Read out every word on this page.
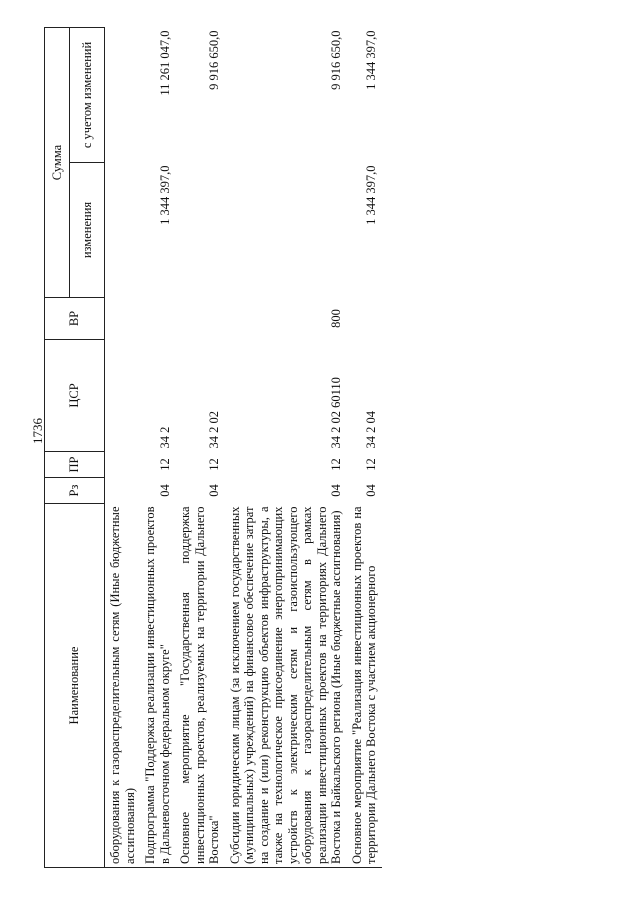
1736
Наименование	Рз	ПР	ЦСР	ВР	Сумма	
					изменения	с учетом изменений
оборудования к газораспределительным сетям (Иные бюджетные ассигнования)						
Подпрограмма "Поддержка реализации инвестиционных проектов в Дальневосточном федеральном округе"	04	12	34 2		1 344 397,0	11 261 047,0
Основное мероприятие "Государственная поддержка инвестиционных проектов, реализуемых на территории Дальнего Востока"	04	12	34 2 02			9 916 650,0
Субсидии юридическим лицам (за исключением государственных (муниципальных) учреждений) на финансовое обеспечение затрат на создание и (или) реконструкцию объектов инфраструктуры, а также на технологическое присоединение энергопринимающих устройств к электрическим сетям и газоиспользующего оборудования к газораспределительным сетям в рамках реализации инвестиционных проектов на территориях Дальнего Востока и Байкальского региона (Иные бюджетные ассигнования)	04	12	34 2 02 60110	800		9 916 650,0
Основное мероприятие "Реализация инвестиционных проектов на территории Дальнего Востока с участием акционерного	04	12	34 2 04		1 344 397,0	1 344 397,0
